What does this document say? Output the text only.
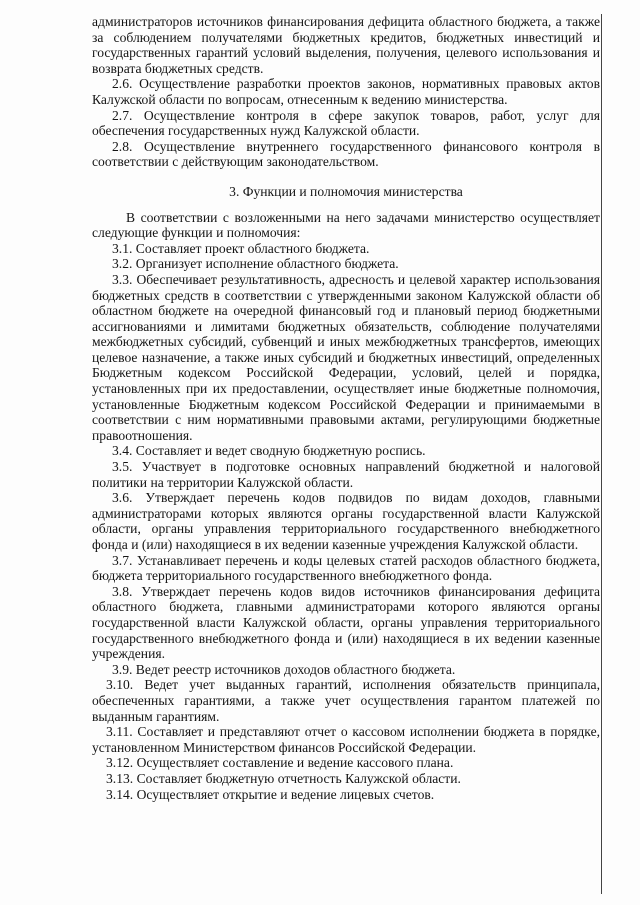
администраторов источников финансирования дефицита областного бюджета, а также за соблюдением получателями бюджетных кредитов, бюджетных инвестиций и государственных гарантий условий выделения, получения, целевого использования и возврата бюджетных средств.

2.6. Осуществление разработки проектов законов, нормативных правовых актов Калужской области по вопросам, отнесенным к ведению министерства.

2.7. Осуществление контроля в сфере закупок товаров, работ, услуг для обеспечения государственных нужд Калужской области.

2.8. Осуществление внутреннего государственного финансового контроля в соответствии с действующим законодательством.

3. Функции и полномочия министерства

В соответствии с возложенными на него задачами министерство осуществляет следующие функции и полномочия:

3.1. Составляет проект областного бюджета.

3.2. Организует исполнение областного бюджета.

3.3. Обеспечивает результативность, адресность и целевой характер использования бюджетных средств в соответствии с утвержденными законом Калужской области об областном бюджете на очередной финансовый год и плановый период бюджетными ассигнованиями и лимитами бюджетных обязательств, соблюдение получателями межбюджетных субсидий, субвенций и иных межбюджетных трансфертов, имеющих целевое назначение, а также иных субсидий и бюджетных инвестиций, определенных Бюджетным кодексом Российской Федерации, условий, целей и порядка, установленных при их предоставлении, осуществляет иные бюджетные полномочия, установленные Бюджетным кодексом Российской Федерации и принимаемыми в соответствии с ним нормативными правовыми актами, регулирующими бюджетные правоотношения.

3.4. Составляет и ведет сводную бюджетную роспись.

3.5. Участвует в подготовке основных направлений бюджетной и налоговой политики на территории Калужской области.

3.6. Утверждает перечень кодов подвидов по видам доходов, главными администраторами которых являются органы государственной власти Калужской области, органы управления территориального государственного внебюджетного фонда и (или) находящиеся в их ведении казенные учреждения Калужской области.

3.7. Устанавливает перечень и коды целевых статей расходов областного бюджета, бюджета территориального государственного внебюджетного фонда.

3.8. Утверждает перечень кодов видов источников финансирования дефицита областного бюджета, главными администраторами которого являются органы государственной власти Калужской области, органы управления территориального государственного внебюджетного фонда и (или) находящиеся в их ведении казенные учреждения.

3.9. Ведет реестр источников доходов областного бюджета.

3.10. Ведет учет выданных гарантий, исполнения обязательств принципала, обеспеченных гарантиями, а также учет осуществления гарантом платежей по выданным гарантиям.

3.11. Составляет и представляют отчет о кассовом исполнении бюджета в порядке, установленном Министерством финансов Российской Федерации.

3.12. Осуществляет составление и ведение кассового плана.

3.13. Составляет бюджетную отчетность Калужской области.

3.14. Осуществляет открытие и ведение лицевых счетов.
